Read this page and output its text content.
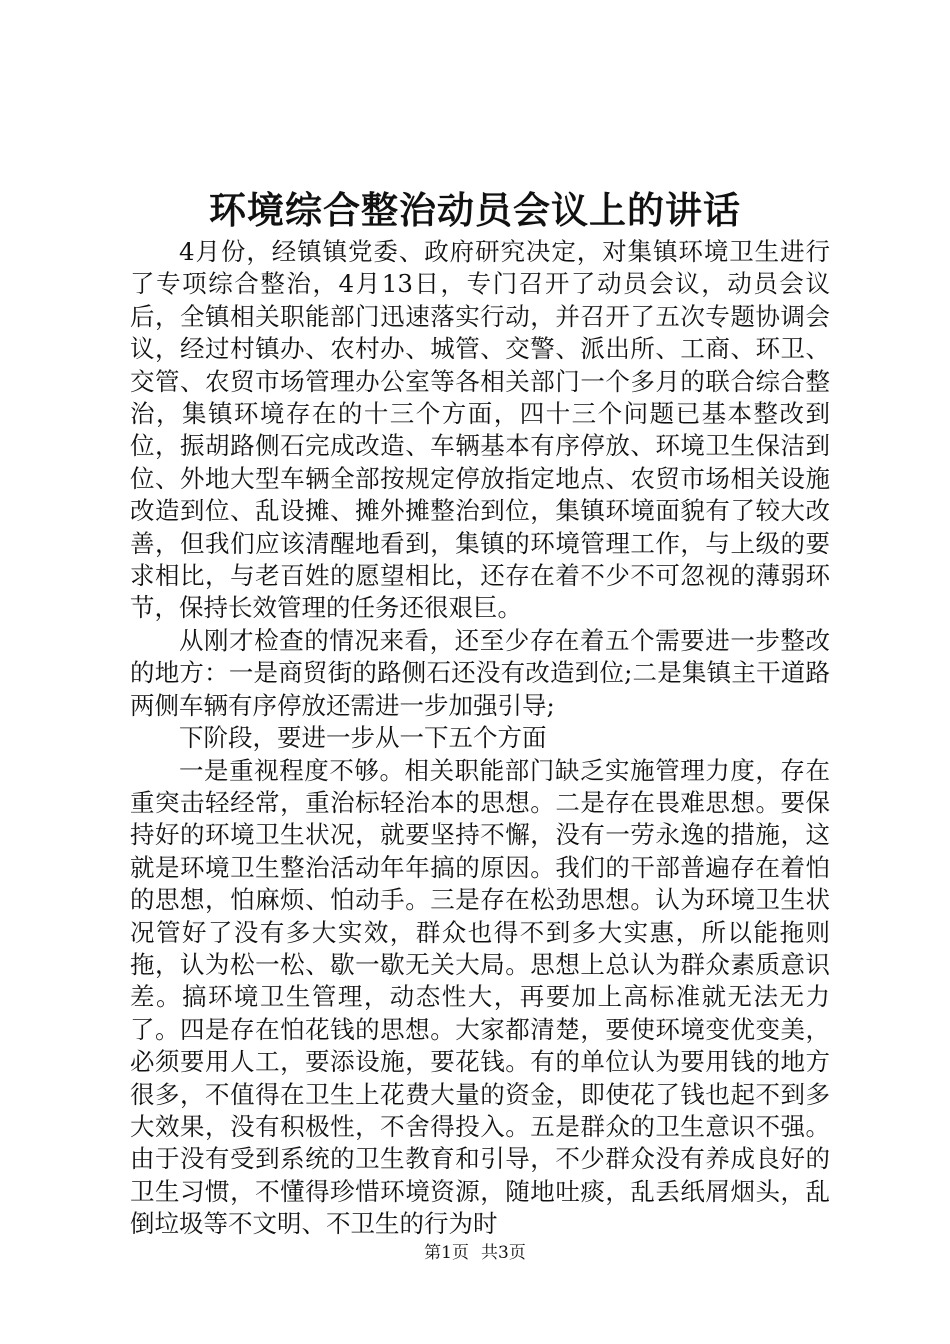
环境综合整治动员会议上的讲话

4月份，经镇镇党委、政府研究决定，对集镇环境卫生进行了专项综合整治，4月13日，专门召开了动员会议，动员会议后，全镇相关职能部门迅速落实行动，并召开了五次专题协调会议，经过村镇办、农村办、城管、交警、派出所、工商、环卫、交管、农贸市场管理办公室等各相关部门一个多月的联合综合整治，集镇环境存在的十三个方面，四十三个问题已基本整改到位，振胡路侧石完成改造、车辆基本有序停放、环境卫生保洁到位、外地大型车辆全部按规定停放指定地点、农贸市场相关设施改造到位、乱设摊、摊外摊整治到位，集镇环境面貌有了较大改善，但我们应该清醒地看到，集镇的环境管理工作，与上级的要求相比，与老百姓的愿望相比，还存在着不少不可忽视的薄弱环节，保持长效管理的任务还很艰巨。

从刚才检查的情况来看，还至少存在着五个需要进一步整改的地方：一是商贸街的路侧石还没有改造到位;二是集镇主干道路两侧车辆有序停放还需进一步加强引导;

下阶段，要进一步从一下五个方面

一是重视程度不够。相关职能部门缺乏实施管理力度，存在重突击轻经常，重治标轻治本的思想。二是存在畏难思想。要保持好的环境卫生状况，就要坚持不懈，没有一劳永逸的措施，这就是环境卫生整治活动年年搞的原因。我们的干部普遍存在着怕的思想，怕麻烦、怕动手。三是存在松劲思想。认为环境卫生状况管好了没有多大实效，群众也得不到多大实惠，所以能拖则拖，认为松一松、歇一歇无关大局。思想上总认为群众素质意识差。搞环境卫生管理，动态性大，再要加上高标准就无法无力了。四是存在怕花钱的思想。大家都清楚，要使环境变优变美，必须要用人工，要添设施，要花钱。有的单位认为要用钱的地方很多，不值得在卫生上花费大量的资金，即使花了钱也起不到多大效果，没有积极性，不舍得投入。五是群众的卫生意识不强。由于没有受到系统的卫生教育和引导，不少群众没有养成良好的卫生习惯，不懂得珍惜环境资源，随地吐痰，乱丢纸屑烟头，乱倒垃圾等不文明、不卫生的行为时

第1页 共3页
